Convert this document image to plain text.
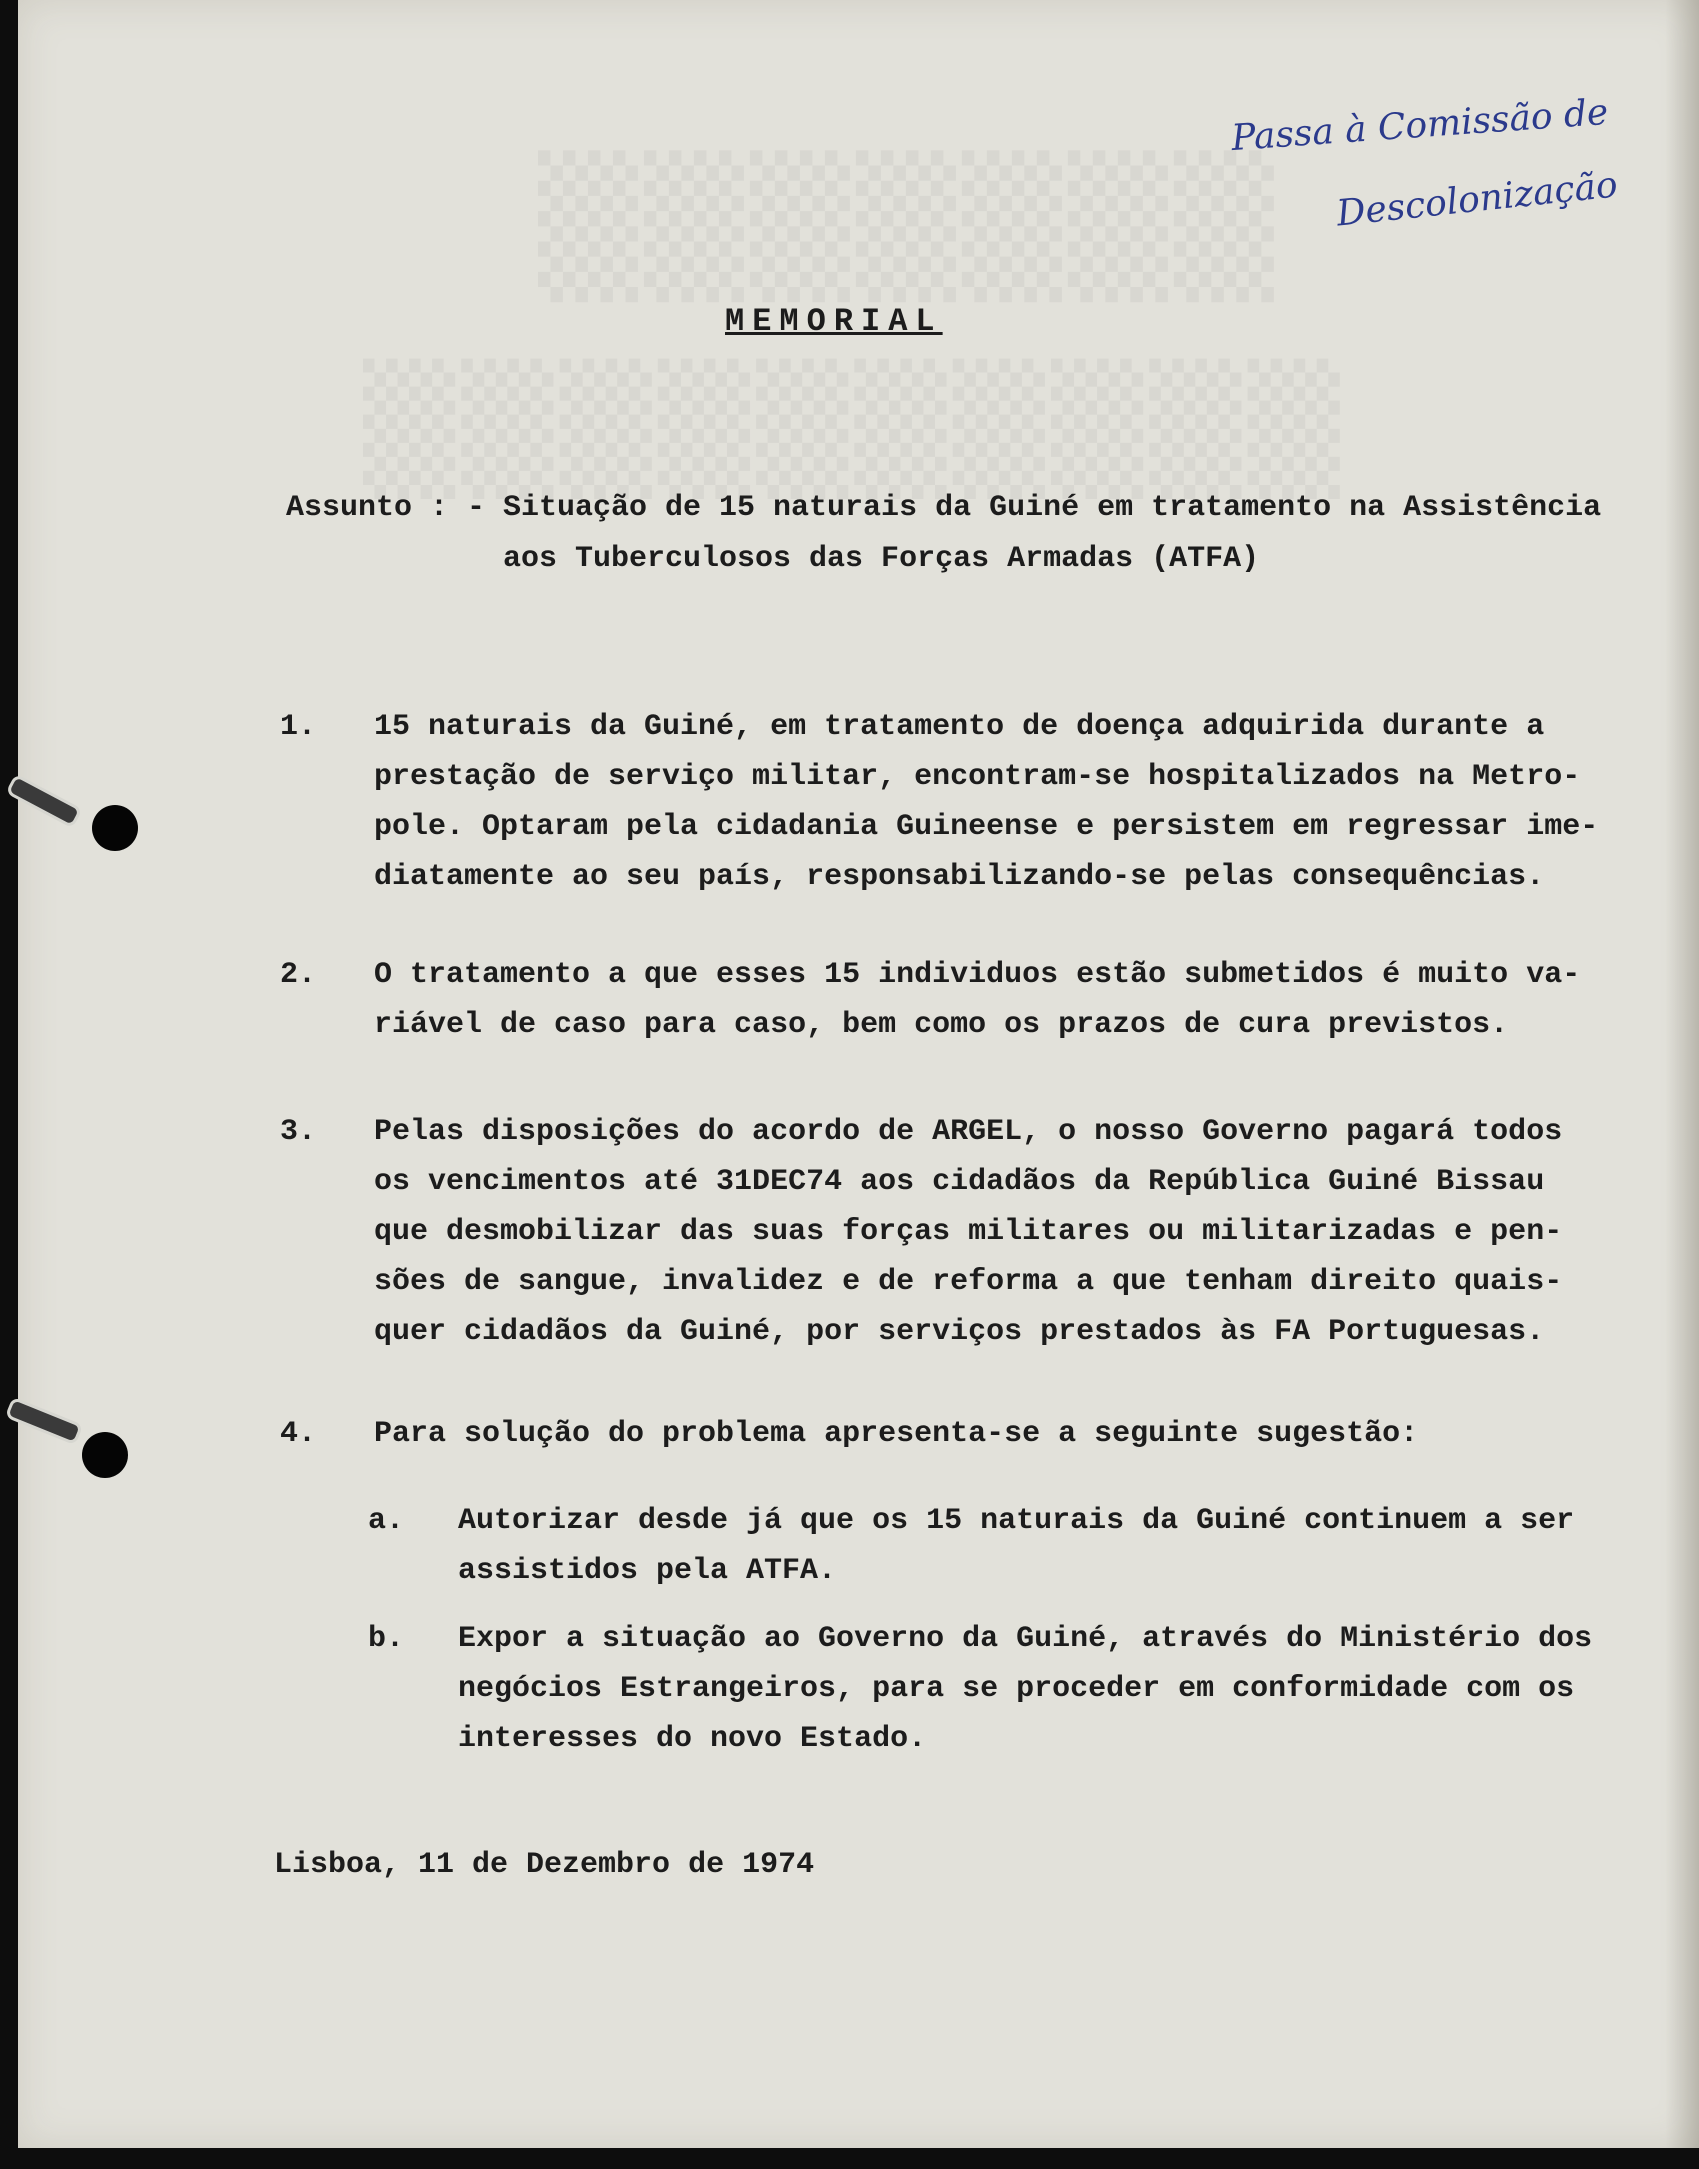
▒▒▒▒▒▒▒
▒▒▒▒▒▒▒▒▒▒
Passa à Comissão de
Descolonização
MEMORIAL
Assunto : - Situação de 15 naturais da Guiné em tratamento na Assistência
aos Tuberculosos das Forças Armadas (ATFA)
1. 15 naturais da Guiné, em tratamento de doença adquirida durante a
prestação de serviço militar, encontram-se hospitalizados na Metro-
pole. Optaram pela cidadania Guineense e persistem em regressar ime-
diatamente ao seu país, responsabilizando-se pelas consequências.
2. O tratamento a que esses 15 individuos estão submetidos é muito va-
riável de caso para caso, bem como os prazos de cura previstos.
3. Pelas disposições do acordo de ARGEL, o nosso Governo pagará todos
os vencimentos até 31DEC74 aos cidadãos da República Guiné Bissau
que desmobilizar das suas forças militares ou militarizadas e pen-
sões de sangue, invalidez e de reforma a que tenham direito quais-
quer cidadãos da Guiné, por serviços prestados às FA Portuguesas.
4. Para solução do problema apresenta-se a seguinte sugestão:
a. Autorizar desde já que os 15 naturais da Guiné continuem a ser
assistidos pela ATFA.
b. Expor a situação ao Governo da Guiné, através do Ministério dos
negócios Estrangeiros, para se proceder em conformidade com os
interesses do novo Estado.
Lisboa, 11 de Dezembro de 1974
